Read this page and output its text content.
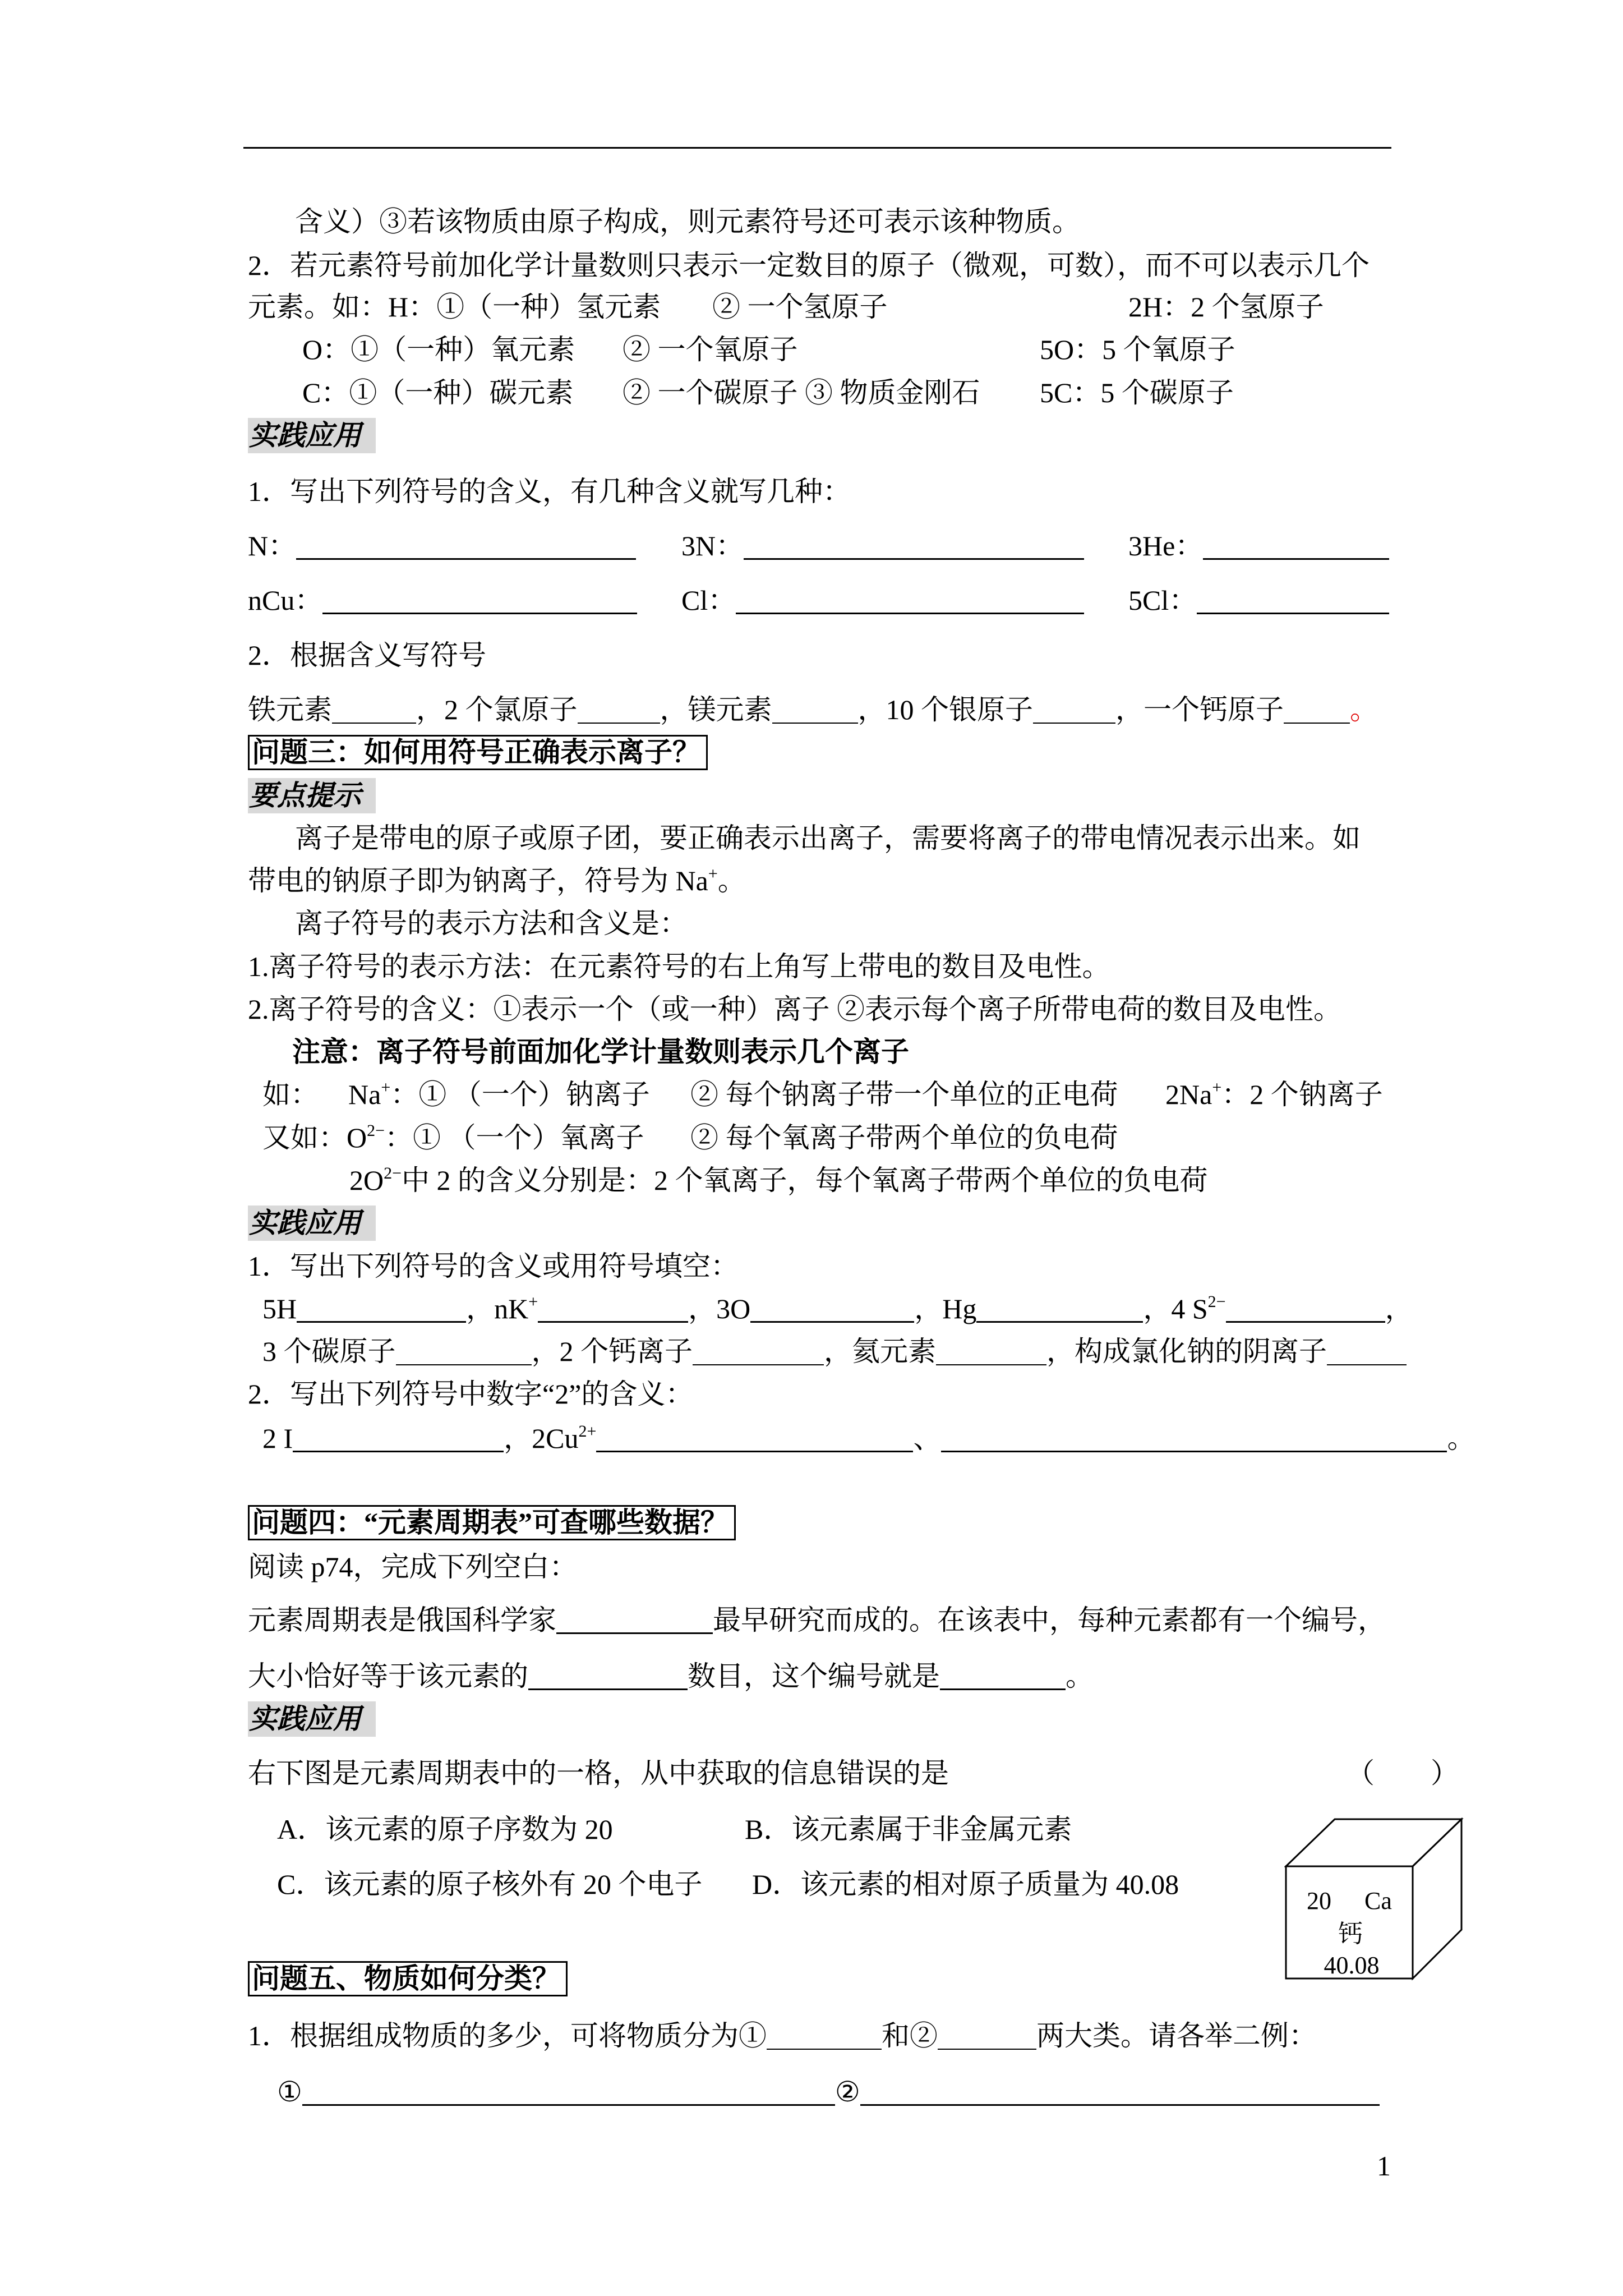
含义）③若该物质由原子构成，则元素符号还可表示该种物质。
2．若元素符号前加化学计量数则只表示一定数目的原子（微观，可数），而不可以表示几个
元素。如：H：①（一种）氢元素 ② 一个氢原子	2H：2 个氢原子
O：①（一种）氧元素 ② 一个氧原子	5O：5 个氧原子
C：①（一种）碳元素 ② 一个碳原子 ③ 物质金刚石 5C：5 个碳原子
实践应用
1．写出下列符号的含义，有几种含义就写几种：
N：	3N：	3He：
nCu：	Cl：	5Cl：
2．根据含义写符号
铁元素	，2 个氯原子	，镁元素	，10 个银原子	，一个钙原子 。
问题三：如何用符号正确表示离子？
要点提示
离子是带电的原子或原子团，要正确表示出离子，需要将离子的带电情况表示出来。如
带电的钠原子即为钠离子，符号为 Na+。
离子符号的表示方法和含义是：
1.离子符号的表示方法：在元素符号的右上角写上带电的数目及电性。
2.离子符号的含义：①表示一个（或一种）离子 ②表示每个离子所带电荷的数目及电性。
注意：离子符号前面加化学计量数则表示几个离子
如： Na+：① （一个）钠离子 ② 每个钠离子带一个单位的正电荷 2Na+：2 个钠离子
又如：$O^{2-}$：① （一个）氧离子 ② 每个氧离子带两个单位的负电荷
$2O^{2-}$中 2 的含义分别是：2 个氧离子，每个氧离子带两个单位的负电荷
实践应用
1．写出下列符号的含义或用符号填空：
5H	，nK+	，3O	，Hg	，4 $S^{2-}$	，
3 个碳原子	，2 个钙离子	，氦元素	，构成氯化钠的阴离子
2．写出下列符号中数字“2”的含义：
2 I	，$2Cu^{2+}$	、	。
问题四：“元素周期表”可查哪些数据？
阅读 p74，完成下列空白：
元素周期表是俄国科学家	最早研究而成的。在该表中，每种元素都有一个编号，
大小恰好等于该元素的	数目，这个编号就是	。
实践应用
右下图是元素周期表中的一格，从中获取的信息错误的是	（　　）
A．该元素的原子序数为 20	B．该元素属于非金属元素
C．该元素的原子核外有 20 个电子 D．该元素的相对原子质量为 40.08
20 Ca
钙
40.08
问题五、物质如何分类？
1．根据组成物质的多少，可将物质分为①	和②	两大类。请各举二例：
①	②
1
